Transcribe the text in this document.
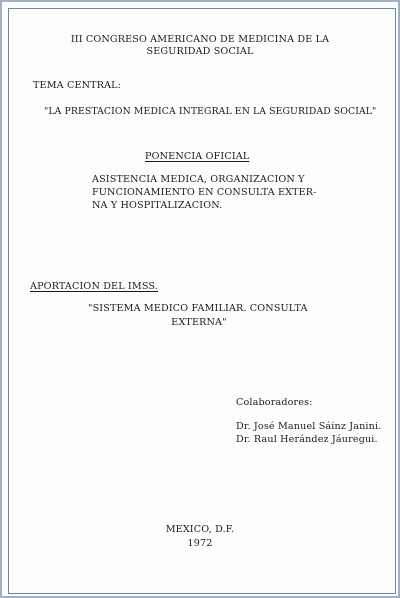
III CONGRESO AMERICANO DE MEDICINA DE LA
SEGURIDAD SOCIAL
TEMA CENTRAL:
"LA PRESTACION MEDICA INTEGRAL EN LA SEGURIDAD SOCIAL"
PONENCIA OFICIAL
ASISTENCIA MEDICA, ORGANIZACION Y
FUNCIONAMIENTO EN CONSULTA EXTER-
NA Y HOSPITALIZACION.
APORTACION DEL IMSS.
"SISTEMA MEDICO FAMILIAR. CONSULTA
EXTERNA"
Colaboradores:
Dr. José Manuel Sáinz Janini.
Dr. Raul Herández Jáuregui.
MEXICO, D.F.
1972
